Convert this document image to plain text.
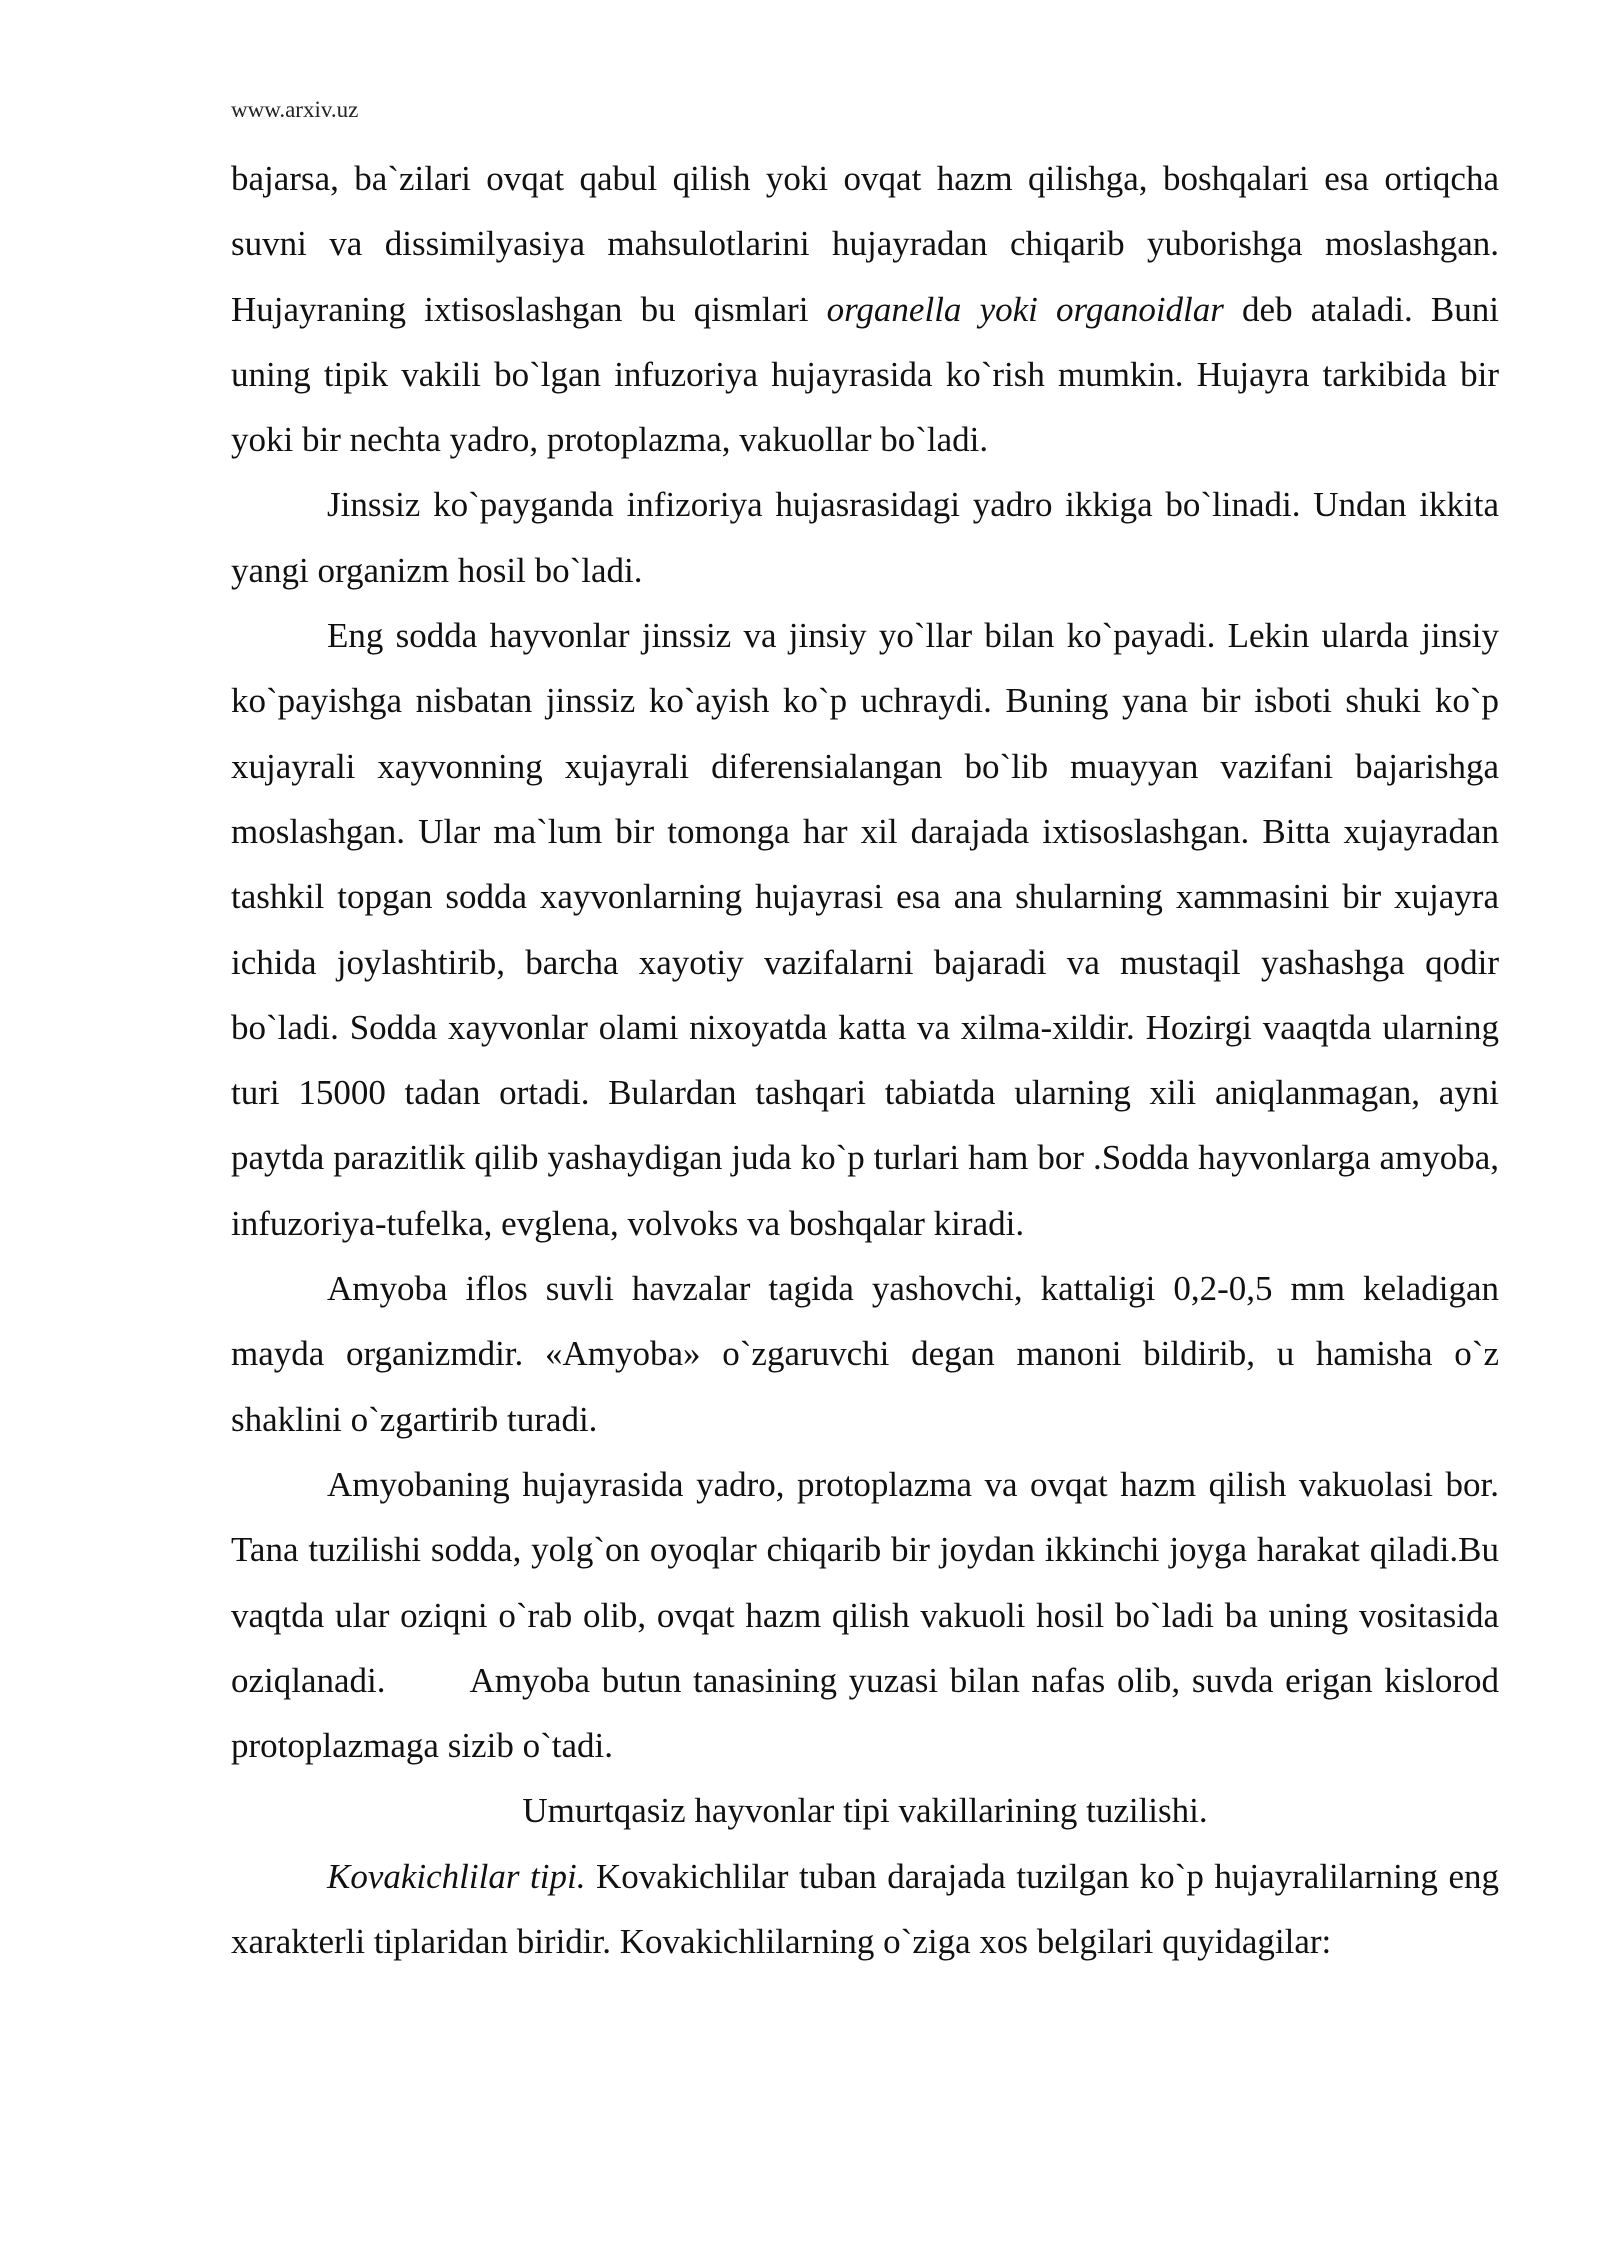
www.arxiv.uz

bajarsa, ba`zilari ovqat qabul qilish yoki ovqat hazm qilishga, boshqalari esa ortiqcha suvni va dissimilyasiya mahsulotlarini hujayradan chiqarib yuborishga moslashgan. Hujayraning ixtisoslashgan bu qismlari organella yoki organoidlar deb ataladi. Buni uning tipik vakili bo`lgan infuzoriya hujayrasida ko`rish mumkin. Hujayra tarkibida bir yoki bir nechta yadro, protoplazma, vakuollar bo`ladi.

Jinssiz ko`payganda infizoriya hujasrasidagi yadro ikkiga bo`linadi. Undan ikkita yangi organizm hosil bo`ladi.

Eng sodda hayvonlar jinssiz va jinsiy yo`llar bilan ko`payadi. Lekin ularda jinsiy ko`payishga nisbatan jinssiz ko`ayish ko`p uchraydi. Buning yana bir isboti shuki ko`p xujayrali xayvonning xujayrali diferensialangan bo`lib muayyan vazifani bajarishga moslashgan. Ular ma`lum bir tomonga har xil darajada ixtisoslashgan. Bitta xujayradan tashkil topgan sodda xayvonlarning hujayrasi esa ana shularning xammasini bir xujayra ichida joylashtirib, barcha xayotiy vazifalarni bajaradi va mustaqil yashashga qodir bo`ladi. Sodda xayvonlar olami nixoyatda katta va xilma-xildir. Hozirgi vaaqtda ularning turi 15000 tadan ortadi. Bulardan tashqari tabiatda ularning xili aniqlanmagan, ayni paytda parazitlik qilib yashaydigan juda ko`p turlari ham bor .Sodda hayvonlarga amyoba, infuzoriya-tufelka, evglena, volvoks va boshqalar kiradi.

Amyoba iflos suvli havzalar tagida yashovchi, kattaligi 0,2-0,5 mm keladigan mayda organizmdir. «Amyoba» o`zgaruvchi degan manoni bildirib, u hamisha o`z shaklini o`zgartirib turadi.

Amyobaning hujayrasida yadro, protoplazma va ovqat hazm qilish vakuolasi bor. Tana tuzilishi sodda, yolg`on oyoqlar chiqarib bir joydan ikkinchi joyga harakat qiladi.Bu vaqtda ular oziqni o`rab olib, ovqat hazm qilish vakuoli hosil bo`ladi ba uning vositasida oziqlanadi. Amyoba butun tanasining yuzasi bilan nafas olib, suvda erigan kislorod protoplazmaga sizib o`tadi.

Umurtqasiz hayvonlar tipi vakillarining tuzilishi.

Kovakichlilar tipi. Kovakichlilar tuban darajada tuzilgan ko`p hujayralilarning eng xarakterli tiplaridan biridir. Kovakichlilarning o`ziga xos belgilari quyidagilar:
